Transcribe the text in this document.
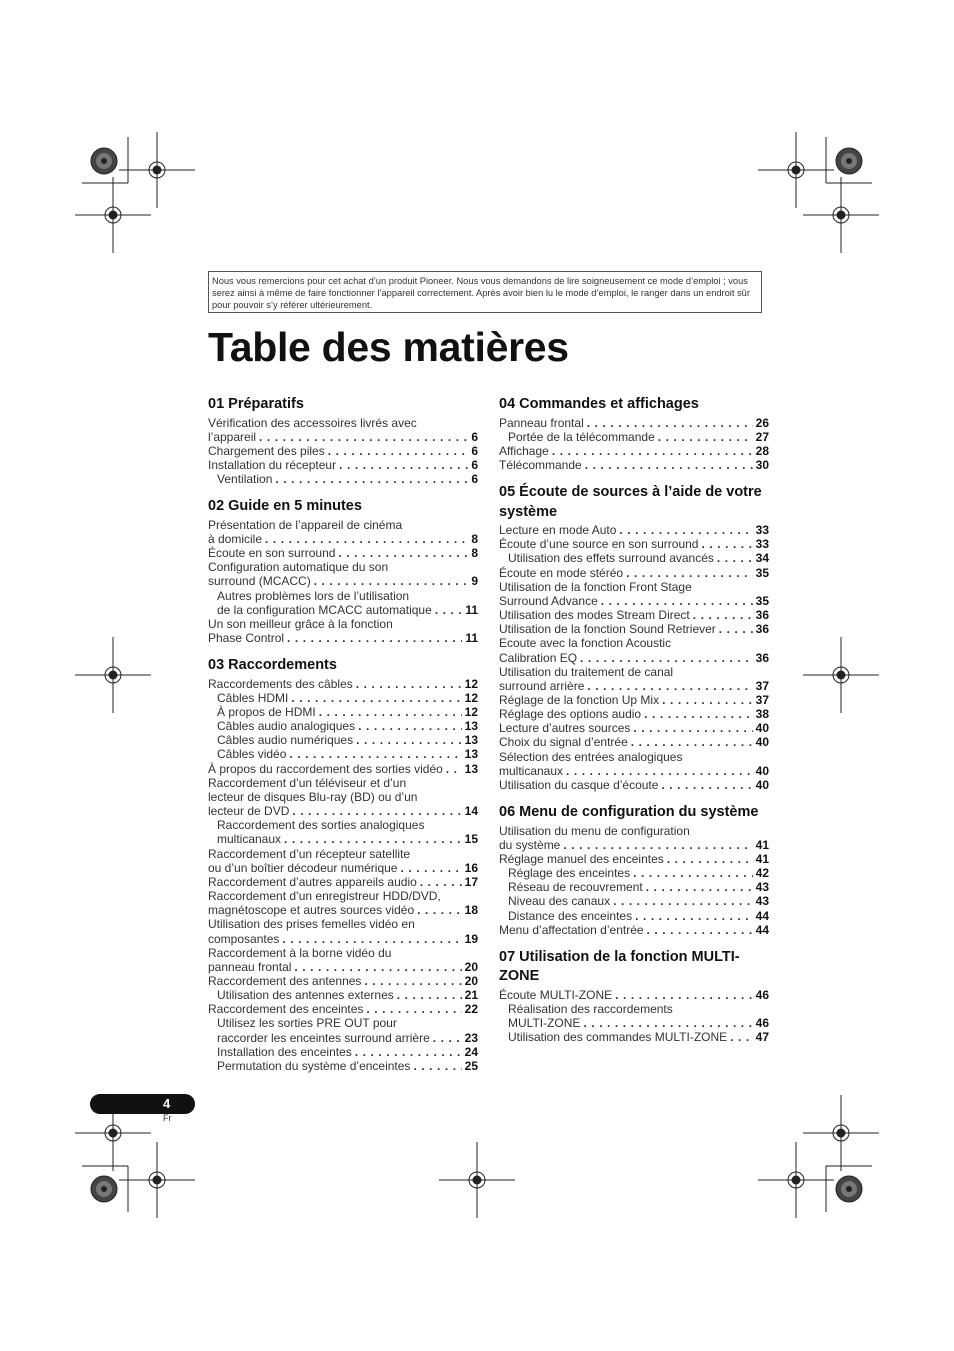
Nous vous remercions pour cet achat d’un produit Pioneer. Nous vous demandons de lire soigneusement ce mode d’emploi ; vous serez ainsi à même de faire fonctionner l’appareil correctement. Après avoir bien lu le mode d’emploi, le ranger dans un endroit sûr pour pouvoir s’y référer ultérieurement.
Table des matières
01 Préparatifs
Vérification des accessoires livrés avec
l’appareil . . .	6
Chargement des piles . . .	6
Installation du récepteur . . .	6
Ventilation . . .	6
02 Guide en 5 minutes
Présentation de l’appareil de cinéma
à domicile . . .	8
Écoute en son surround . . .	8
Configuration automatique du son
surround (MCACC) . . .	9
Autres problèmes lors de l’utilisation
de la configuration MCACC automatique . . .	11
Un son meilleur grâce à la fonction
Phase Control . . .	11
03 Raccordements
Raccordements des câbles . . .	12
Câbles HDMI . . .	12
À propos de HDMI . . .	12
Câbles audio analogiques . . .	13
Câbles audio numériques . . .	13
Câbles vidéo . . .	13
À propos du raccordement des sorties vidéo . . . 13
Raccordement d’un téléviseur et d’un
lecteur de disques Blu-ray (BD) ou d’un
lecteur de DVD . . .	14
Raccordement des sorties analogiques
multicanaux . . .	15
Raccordement d’un récepteur satellite
ou d’un boîtier décodeur numérique . . .	16
Raccordement d’autres appareils audio . . .	17
Raccordement d’un enregistreur HDD/DVD,
magnétoscope et autres sources vidéo . . .	18
Utilisation des prises femelles vidéo en
composantes . . .	19
Raccordement à la borne vidéo du
panneau frontal . . .	20
Raccordement des antennes . . .	20
Utilisation des antennes externes . . .	21
Raccordement des enceintes . . .	22
Utilisez les sorties PRE OUT pour
raccorder les enceintes surround arrière . . .	23
Installation des enceintes . . .	24
Permutation du système d’enceintes . . .	25
04 Commandes et affichages
Panneau frontal . . .	26
Portée de la télécommande . . .	27
Affichage . . .	28
Télécommande . . .	30
05 Écoute de sources à l’aide de votre système
Lecture en mode Auto . . .	33
Écoute d’une source en son surround . . .	33
Utilisation des effets surround avancés . . .	34
Écoute en mode stéréo . . .	35
Utilisation de la fonction Front Stage
Surround Advance . . .	35
Utilisation des modes Stream Direct . . .	36
Utilisation de la fonction Sound Retriever . . .	36
Ecoute avec la fonction Acoustic
Calibration EQ . . .	36
Utilisation du traitement de canal
surround arrière . . .	37
Réglage de la fonction Up Mix . . .	37
Réglage des options audio . . .	38
Lecture d’autres sources . . .	40
Choix du signal d’entrée . . .	40
Sélection des entrées analogiques
multicanaux . . .	40
Utilisation du casque d’écoute . . .	40
06 Menu de configuration du système
Utilisation du menu de configuration
du système . . .	41
Réglage manuel des enceintes . . .	41
Réglage des enceintes . . .	42
Réseau de recouvrement . . .	43
Niveau des canaux . . .	43
Distance des enceintes . . .	44
Menu d’affectation d’entrée . . .	44
07 Utilisation de la fonction MULTI-ZONE
Écoute MULTI-ZONE . . .	46
Réalisation des raccordements
MULTI-ZONE . . .	46
Utilisation des commandes MULTI-ZONE . . . 47
4
Fr
